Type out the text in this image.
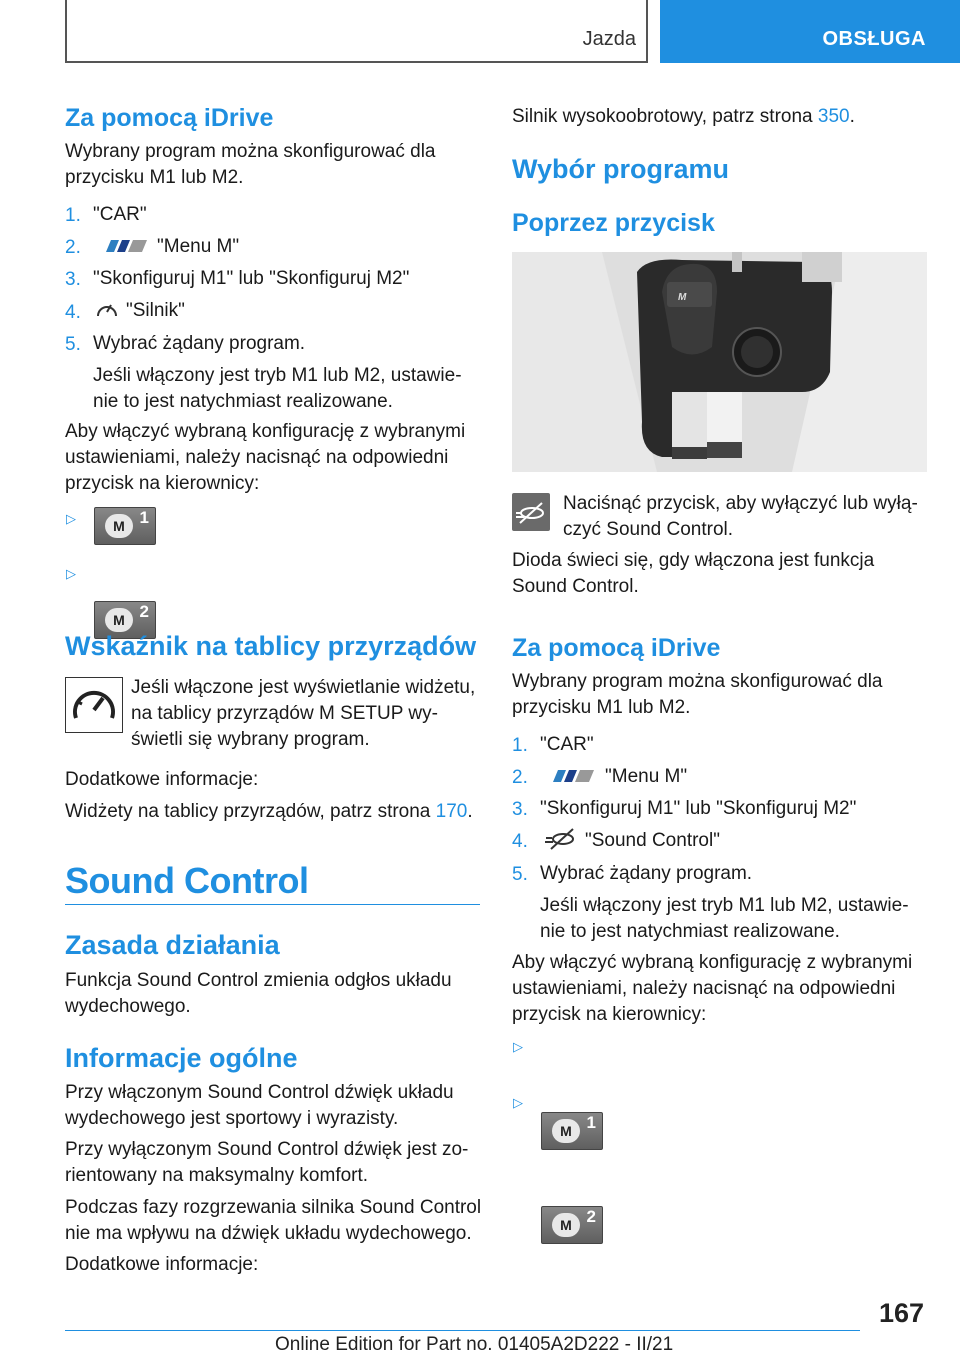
Jazda	OBSŁUGA
Za pomocą iDrive
Wybrany program można skonfigurować dla
przycisku M1 lub M2.
1. "CAR"
2.	"Menu M"
3. "Skonfiguruj M1" lub "Skonfiguruj M2"
4. "Silnik"
5. Wybrać żądany program.
Jeśli włączony jest tryb M1 lub M2, ustawie-
nie to jest natychmiast realizowane.
Aby włączyć wybraną konfigurację z wybranymi
ustawieniami, należy nacisnąć na odpowiedni
przycisk na kierownicy:
▷	M 1
▷
M 2
Wskaźnik na tablicy przyrządów
Jeśli włączone jest wyświetlanie widżetu,
na tablicy przyrządów M SETUP wy-
świetli się wybrany program.
Dodatkowe informacje:
Widżety na tablicy przyrządów, patrz strona 170.
Sound Control
Zasada działania
Funkcja Sound Control zmienia odgłos układu
wydechowego.
Informacje ogólne
Przy włączonym Sound Control dźwięk układu
wydechowego jest sportowy i wyrazisty.
Przy wyłączonym Sound Control dźwięk jest zo-
rientowany na maksymalny komfort.
Podczas fazy rozgrzewania silnika Sound Control
nie ma wpływu na dźwięk układu wydechowego.
Dodatkowe informacje:
Silnik wysokoobrotowy, patrz strona 350.
Wybór programu
Poprzez przycisk
M
Naciśnąć przycisk, aby wyłączyć lub wyłą-
czyć Sound Control.
Dioda świeci się, gdy włączona jest funkcja
Sound Control.
Za pomocą iDrive
Wybrany program można skonfigurować dla
przycisku M1 lub M2.
1. "CAR"
2.	"Menu M"
3. "Skonfiguruj M1" lub "Skonfiguruj M2"
4.	"Sound Control"
5. Wybrać żądany program.
Jeśli włączony jest tryb M1 lub M2, ustawie-
nie to jest natychmiast realizowane.
Aby włączyć wybraną konfigurację z wybranymi
ustawieniami, należy nacisnąć na odpowiedni
przycisk na kierownicy:
▷
M 1
▷
M 2
167
Online Edition for Part no. 01405A2D222 - II/21
